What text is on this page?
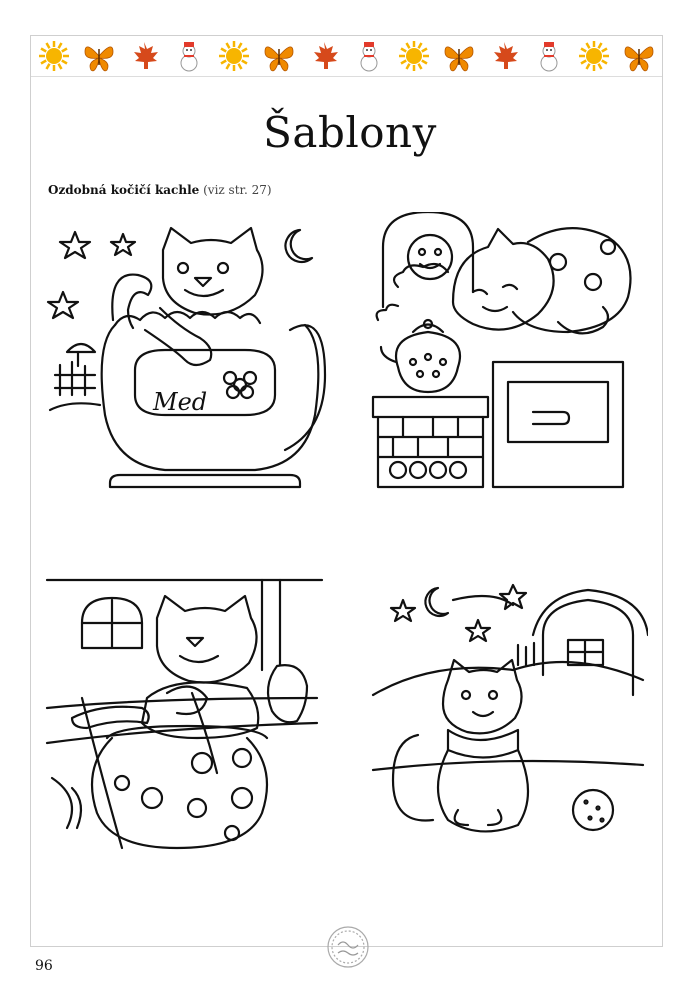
Šablony
Ozdobná kočičí kachle (viz str. 27)
Med
96
